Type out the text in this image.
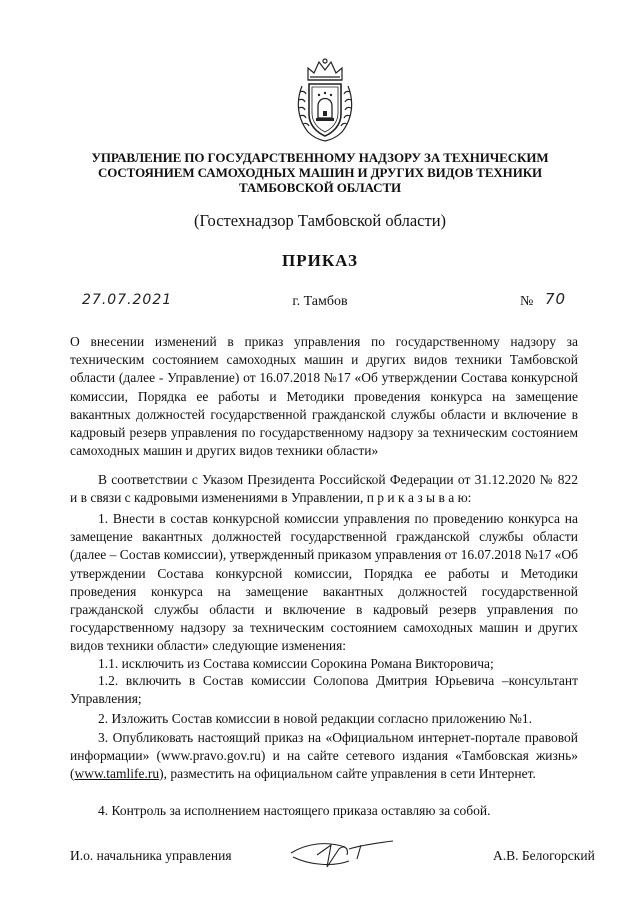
УПРАВЛЕНИЕ ПО ГОСУДАРСТВЕННОМУ НАДЗОРУ ЗА ТЕХНИЧЕСКИМ
СОСТОЯНИЕМ САМОХОДНЫХ МАШИН И ДРУГИХ ВИДОВ ТЕХНИКИ
ТАМБОВСКОЙ ОБЛАСТИ
(Гостехнадзор Тамбовской области)
ПРИКАЗ
27.07.2021	г. Тамбов	№ 70
О внесении изменений в приказ управления по государственному надзору за техническим состоянием самоходных машин и других видов техники Тамбовской области (далее - Управление) от 16.07.2018 №17 «Об утверждении Состава конкурсной комиссии, Порядка ее работы и Методики проведения конкурса на замещение вакантных должностей государственной гражданской службы области и включение в кадровый резерв управления по государственному надзору за техническим состоянием самоходных машин и других видов техники области»
В соответствии с Указом Президента Российской Федерации от 31.12.2020 № 822 и в связи с кадровыми изменениями в Управлении, п р и к а з ы в а ю:
1. Внести в состав конкурсной комиссии управления по проведению конкурса на замещение вакантных должностей государственной гражданской службы области (далее – Состав комиссии), утвержденный приказом управления от 16.07.2018 №17 «Об утверждении Состава конкурсной комиссии, Порядка ее работы и Методики проведения конкурса на замещение вакантных должностей государственной гражданской службы области и включение в кадровый резерв управления по государственному надзору за техническим состоянием самоходных машин и других видов техники области» следующие изменения:
1.1. исключить из Состава комиссии Сорокина Романа Викторовича;
1.2. включить в Состав комиссии Солопова Дмитрия Юрьевича –консультант Управления;
2. Изложить Состав комиссии в новой редакции согласно приложению №1.
3. Опубликовать настоящий приказ на «Официальном интернет-портале правовой информации» (www.pravo.gov.ru) и на сайте сетевого издания «Тамбовская жизнь» (www.tamlife.ru), разместить на официальном сайте управления в сети Интернет.
4. Контроль за исполнением настоящего приказа оставляю за собой.
И.о. начальника управления	А.В. Белогорский
